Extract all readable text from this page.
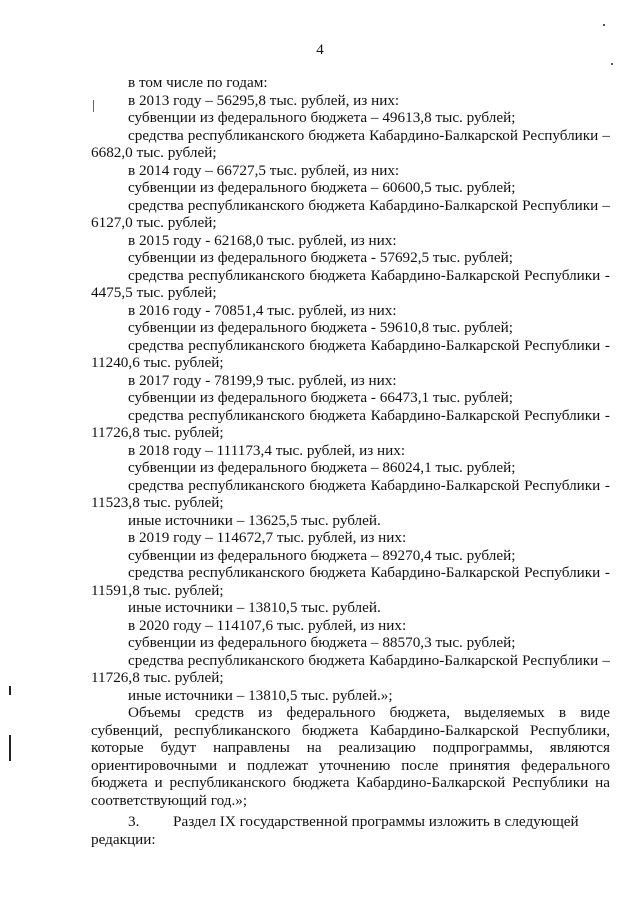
4
в том числе по годам:
в 2013 году – 56295,8 тыс. рублей, из них:
субвенции из федерального бюджета – 49613,8 тыс. рублей;
средства республиканского бюджета Кабардино-Балкарской Республики –
6682,0 тыс. рублей;
в 2014 году – 66727,5 тыс. рублей, из них:
субвенции из федерального бюджета – 60600,5 тыс. рублей;
средства республиканского бюджета Кабардино-Балкарской Республики –
6127,0 тыс. рублей;
в 2015 году - 62168,0 тыс. рублей, из них:
субвенции из федерального бюджета - 57692,5 тыс. рублей;
средства республиканского бюджета Кабардино-Балкарской Республики -
4475,5 тыс. рублей;
в 2016 году - 70851,4 тыс. рублей, из них:
субвенции из федерального бюджета - 59610,8 тыс. рублей;
средства республиканского бюджета Кабардино-Балкарской Республики -
11240,6 тыс. рублей;
в 2017 году - 78199,9 тыс. рублей, из них:
субвенции из федерального бюджета - 66473,1 тыс. рублей;
средства республиканского бюджета Кабардино-Балкарской Республики -
11726,8 тыс. рублей;
в 2018 году – 111173,4 тыс. рублей, из них:
субвенции из федерального бюджета – 86024,1 тыс. рублей;
средства республиканского бюджета Кабардино-Балкарской Республики -
11523,8 тыс. рублей;
иные источники – 13625,5 тыс. рублей.
в 2019 году – 114672,7 тыс. рублей, из них:
субвенции из федерального бюджета – 89270,4 тыс. рублей;
средства республиканского бюджета Кабардино-Балкарской Республики -
11591,8 тыс. рублей;
иные источники – 13810,5 тыс. рублей.
в 2020 году – 114107,6 тыс. рублей, из них:
субвенции из федерального бюджета – 88570,3 тыс. рублей;
средства республиканского бюджета Кабардино-Балкарской Республики –
11726,8 тыс. рублей;
иные источники – 13810,5 тыс. рублей.»;
Объемы средств из федерального бюджета, выделяемых в виде
субвенций, республиканского бюджета Кабардино-Балкарской Республики,
которые будут направлены на реализацию подпрограммы, являются
ориентировочными и подлежат уточнению после принятия федерального
бюджета и республиканского бюджета Кабардино-Балкарской Республики на
соответствующий год.»;
3. Раздел IX государственной программы изложить в следующей
редакции:
